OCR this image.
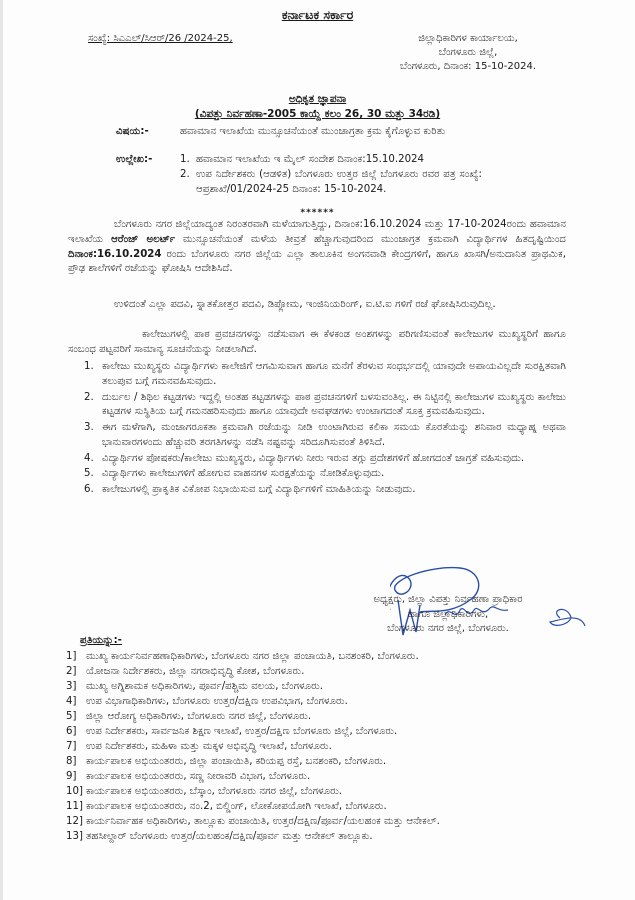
ಕರ್ನಾಟಕ ಸರ್ಕಾರ
ಸಂಖ್ಯೆ: ಸಿಎಎಲ್/ಸಿಆರ್/26 /2024-25,	ಜಿಲ್ಲಾಧಿಕಾರಿಗಳ ಕಾರ್ಯಾಲಯ,
ಬೆಂಗಳೂರು ಜಿಲ್ಲೆ,
ಬೆಂಗಳೂರು, ದಿನಾಂಕ: 15-10-2024.
ಅಧಿಕೃತ ಜ್ಞಾಪನಾ
(ವಿಪತ್ತು ನಿರ್ವಹಣಾ-2005 ಕಾಯ್ದೆ ಕಲಂ 26, 30 ಮತ್ತು 34ರಡಿ)
ವಿಷಯ:-	ಹವಾಮಾನ ಇಲಾಖೆಯ ಮುನ್ಸೂಚನೆಯಂತೆ ಮುಂಜಾಗ್ರತಾ ಕ್ರಮ ಕೈಗೊಳ್ಳುವ ಕುರಿತು
ಉಲ್ಲೇಖ:-	1. ಹವಾಮಾನ ಇಲಾಖೆಯ ಇ ಮೈಲ್ ಸಂದೇಶ ದಿನಾಂಕ:15.10.2024
2. ಉಪ ನಿರ್ದೇಶಕರು (ಆಡಳಿತ) ಬೆಂಗಳೂರು ಉತ್ತರ ಜಿಲ್ಲೆ ಬೆಂಗಳೂರು ರವರ ಪತ್ರ ಸಂಖ್ಯೆ: ಆಪ್ರಶಾಖೆ/01/2024-25 ದಿನಾಂಕ: 15-10-2024.
******
ಬೆಂಗಳೂರು ನಗರ ಜಿಲ್ಲೆಯಾದ್ಯಂತ ನಿರಂತರವಾಗಿ ಮಳೆಯಾಗುತ್ತಿದ್ದು, ದಿನಾಂಕ:16.10.2024 ಮತ್ತು 17-10-2024ರಂದು ಹವಾಮಾನ ಇಲಾಖೆಯ ಆರೆಂಜ್ ಅಲರ್ಟ್ ಮುನ್ಸೂಚನೆಯಂತೆ ಮಳೆಯ ತೀವ್ರತೆ ಹೆಚ್ಚಾಗುವುದರಿಂದ ಮುಂಜಾಗ್ರತ ಕ್ರಮವಾಗಿ ವಿದ್ಯಾರ್ಥಿಗಳ ಹಿತದೃಷ್ಟಿಯಿಂದ ದಿನಾಂಕ:16.10.2024 ರಂದು ಬೆಂಗಳೂರು ನಗರ ಜಿಲ್ಲೆಯ ಎಲ್ಲಾ ತಾಲೂಕಿನ ಅಂಗನವಾಡಿ ಕೇಂದ್ರಗಳಿಗೆ, ಹಾಗೂ ಖಾಸಗಿ/ಅನುದಾನಿತ ಪ್ರಾಥಮಿಕ, ಪ್ರೌಢ ಶಾಲೆಗಳಿಗೆ ರಜೆಯನ್ನು ಘೋಷಿಸಿ ಆದೇಶಿಸಿದೆ.
ಉಳಿದಂತೆ ಎಲ್ಲಾ ಪದವಿ, ಸ್ನಾತಕೋತ್ತರ ಪದವಿ, ಡಿಪ್ಲೋಮ, ಇಂಜಿನಿಯರಿಂಗ್, ಐ.ಟಿ.ಐ ಗಳಿಗೆ ರಜೆ ಘೋಷಿಸಿರುವುದಿಲ್ಲ.
ಕಾಲೇಜುಗಳಲ್ಲಿ ಪಾಠ ಪ್ರವಚನಗಳನ್ನು ನಡೆಸುವಾಗ ಈ ಕೆಳಕಂಡ ಅಂಶಗಳನ್ನು ಪರಿಗಣಿಸುವಂತೆ ಕಾಲೇಜುಗಳ ಮುಖ್ಯಸ್ಥರಿಗೆ ಹಾಗೂ ಸಂಬಂಧ ಪಟ್ಟವರಿಗೆ ಸಾಮಾನ್ಯ ಸೂಚನೆಯನ್ನು ನೀಡಲಾಗಿದೆ.
1. ಕಾಲೇಜು ಮುಖ್ಯಸ್ಥರು ವಿದ್ಯಾರ್ಥಿಗಳು ಕಾಲೇಜಿಗೆ ಆಗಮಿಸುವಾಗ ಹಾಗೂ ಮನೆಗೆ ತೆರಳುವ ಸಂಧರ್ಭದಲ್ಲಿ ಯಾವುದೇ ಅಪಾಯವಿಲ್ಲದೇ ಸುರಕ್ಷಿತವಾಗಿ ತಲುಪುವ ಬಗ್ಗೆ ಗಮನವಹಿಸುವುದು.
2. ದುರ್ಬಲ / ಶಿಥಿಲ ಕಟ್ಟಡಗಳು ಇದ್ದಲ್ಲಿ ಅಂತಹ ಕಟ್ಟಡಗಳನ್ನು ಪಾಠ ಪ್ರವಚನಗಳಿಗೆ ಬಳಸುವಂತಿಲ್ಲ. ಈ ನಿಟ್ಟಿನಲ್ಲಿ ಕಾಲೇಜುಗಳ ಮುಖ್ಯಸ್ಥರು ಕಾಲೇಜು ಕಟ್ಟಡಗಳ ಸುಸ್ಥಿತಿಯ ಬಗ್ಗೆ ಗಮನಹರಿಸುವುದು ಹಾಗೂ ಯಾವುದೇ ಅವಘಡಗಳು ಉಂಟಾಗದಂತೆ ಸೂಕ್ತ ಕ್ರಮವಹಿಸುವುದು.
3. ಈಗ ಮಳೆಗಾಗಿ, ಮಂಜಾಗರೂಕತಾ ಕ್ರಮವಾಗಿ ರಜೆಯನ್ನು ನೀಡಿ ಉಂಟಾಗಿರುವ ಕಲಿಕಾ ಸಮಯ ಕೊರತೆಯನ್ನು ಶನಿವಾರ ಮಧ್ಯಾಹ್ನ ಅಥವಾ ಭಾನುವಾರಗಳಂದು ಹೆಚ್ಚುವರಿ ತರಗತಿಗಳನ್ನು ನಡೆಸಿ ನಷ್ಟವನ್ನು ಸರಿದೂಗಿಸುವಂತೆ ತಿಳಿಸಿದೆ.
4. ವಿದ್ಯಾರ್ಥಿಗಳ ಪೋಷಕರು/ಕಾಲೇಜು ಮುಖ್ಯಸ್ಥರು, ವಿದ್ಯಾರ್ಥಿಗಳು ನೀರು ಇರುವ ತಗ್ಗು ಪ್ರದೇಶಗಳಿಗೆ ಹೋಗದಂತೆ ಜಾಗ್ರತೆ ವಹಿಸುವುದು.
5. ವಿದ್ಯಾರ್ಥಿಗಳು ಕಾಲೇಜುಗಳಿಗೆ ಹೋಗುವ ವಾಹನಗಳ ಸುರಕ್ಷತೆಯನ್ನು ನೋಡಿಕೊಳ್ಳುವುದು.
6. ಕಾಲೇಜುಗಳಲ್ಲಿ ಪ್ರಾಕೃತಿಕ ವಿಕೋಪ ನಿಭಾಯಿಸುವ ಬಗ್ಗೆ ವಿದ್ಯಾರ್ಥಿಗಳಿಗೆ ಮಾಹಿತಿಯನ್ನು ನೀಡುವುದು.
ಅಧ್ಯಕ್ಷರು, ಜಿಲ್ಲಾ ವಿಪತ್ತು ನಿರ್ವಹಣಾ ಪ್ರಾಧಿಕಾರ
ಹಾಗೂ ಜಿಲ್ಲಾಧಿಕಾರಿಗಳು,
ಬೆಂಗಳೂರು ನಗರ ಜಿಲ್ಲೆ, ಬೆಂಗಳೂರು.
ಪ್ರತಿಯನ್ನು:-
1] ಮುಖ್ಯ ಕಾರ್ಯನಿರ್ವಹಣಾಧಿಕಾರಿಗಳು, ಬೆಂಗಳೂರು ನಗರ ಜಿಲ್ಲಾ ಪಂಚಾಯತಿ, ಬನಶಂಕರಿ, ಬೆಂಗಳೂರು.
2] ಯೋಜನಾ ನಿರ್ದೇಶಕರು, ಜಿಲ್ಲಾ ನಗರಾಭಿವೃದ್ಧಿ ಕೋಶ, ಬೆಂಗಳೂರು.
3] ಮುಖ್ಯ ಅಗ್ನಿಶಾಮಕ ಅಧಿಕಾರಿಗಳು, ಪೂರ್ವ/ಪಶ್ಚಿಮ ವಲಯ, ಬೆಂಗಳೂರು.
4] ಉಪ ವಿಭಾಗಾಧಿಕಾರಿಗಳು, ಬೆಂಗಳೂರು ಉತ್ತರ/ದಕ್ಷಿಣ ಉಪವಿಭಾಗ, ಬೆಂಗಳೂರು.
5] ಜಿಲ್ಲಾ ಆರೋಗ್ಯ ಅಧಿಕಾರಿಗಳು, ಬೆಂಗಳೂರು ನಗರ ಜಿಲ್ಲೆ, ಬೆಂಗಳೂರು.
6] ಉಪ ನಿರ್ದೇಶಕರು, ಸಾರ್ವಜನಿಕ ಶಿಕ್ಷಣ ಇಲಾಖೆ, ಉತ್ತರ/ದಕ್ಷಿಣ ಬೆಂಗಳೂರು ಜಿಲ್ಲೆ, ಬೆಂಗಳೂರು.
7] ಉಪ ನಿರ್ದೇಶಕರು, ಮಹಿಳಾ ಮತ್ತು ಮಕ್ಕಳ ಅಭಿವೃದ್ಧಿ ಇಲಾಖೆ, ಬೆಂಗಳೂರು.
8] ಕಾರ್ಯಪಾಲಕ ಅಭಿಯಂತರರು, ಜಿಲ್ಲಾ ಪಂಚಾಯಿತಿ, ಕರಿಯಪ್ಪ ರಸ್ತೆ, ಬನಶಂಕರಿ, ಬೆಂಗಳೂರು.
9] ಕಾರ್ಯಪಾಲಕ ಅಭಿಯಂತರರು, ಸಣ್ಣ ನೀರಾವರಿ ವಿಭಾಗ, ಬೆಂಗಳೂರು.
10] ಕಾರ್ಯಪಾಲಕ ಅಭಿಯಂತರರು, ಬೆಸ್ಕಾಂ, ಬೆಂಗಳೂರು ನಗರ ಜಿಲ್ಲೆ, ಬೆಂಗಳೂರು.
11] ಕಾರ್ಯಪಾಲಕ ಅಭಿಯಂತರರು, ನಂ.2, ಬಿಲ್ಡಿಂಗ್, ಲೋಕೋಪಯೋಗಿ ಇಲಾಖೆ, ಬೆಂಗಳೂರು.
12] ಕಾರ್ಯನಿರ್ವಾಹಕ ಅಧಿಕಾರಿಗಳು, ತಾಲ್ಲೂಕು ಪಂಚಾಯಿತಿ, ಉತ್ತರ/ದಕ್ಷಿಣ/ಪೂರ್ವ/ಯಲಹಂಕ ಮತ್ತು ಆನೇಕಲ್.
13] ತಹಸೀಲ್ದಾರ್ ಬೆಂಗಳೂರು ಉತ್ತರ/ಯಲಹಂಕ/ದಕ್ಷಿಣ/ಪೂರ್ವ ಮತ್ತು ಆನೇಕಲ್ ತಾಲ್ಲೂಕು.
